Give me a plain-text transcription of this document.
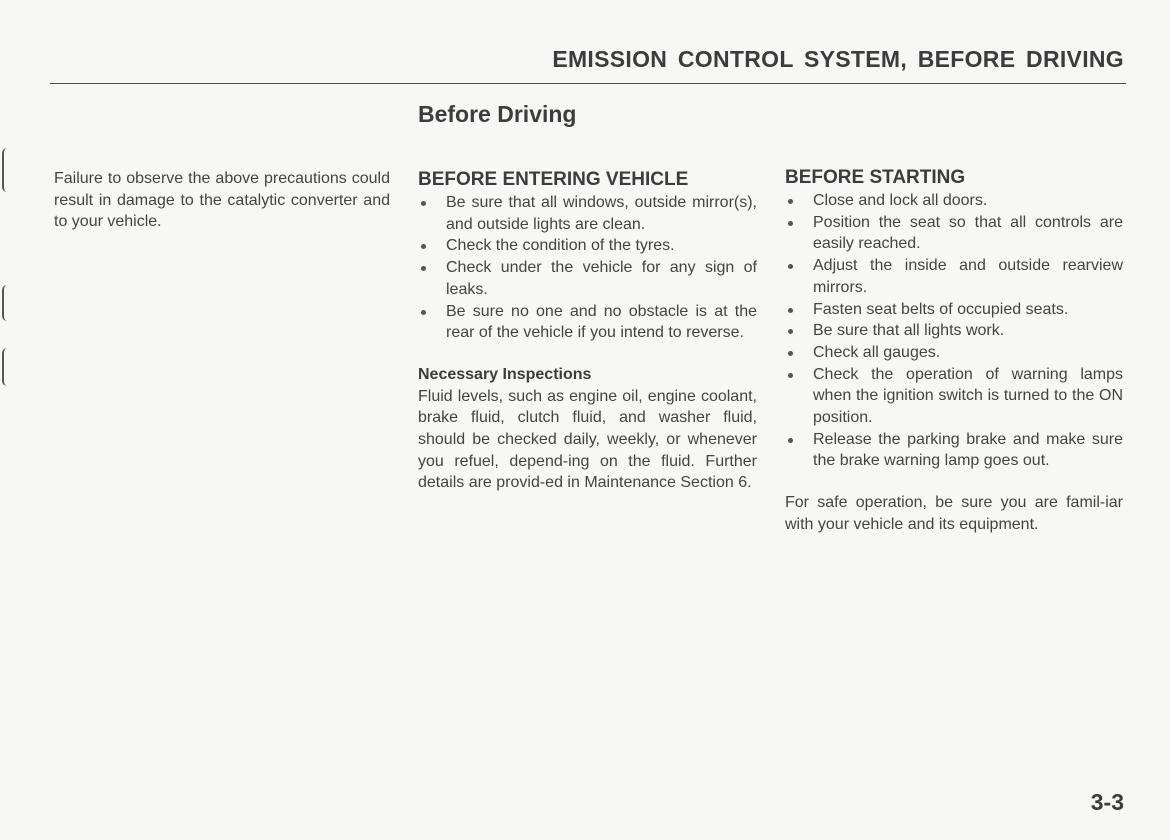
EMISSION CONTROL SYSTEM, BEFORE DRIVING
Before Driving

Failure to observe the above precautions could result in damage to the catalytic converter and to your vehicle.

BEFORE ENTERING VEHICLE

Be sure that all windows, outside mirror(s), and outside lights are clean.
Check the condition of the tyres.
Check under the vehicle for any sign of leaks.
Be sure no one and no obstacle is at the rear of the vehicle if you intend to reverse.

Necessary Inspections

Fluid levels, such as engine oil, engine coolant, brake fluid, clutch fluid, and washer fluid, should be checked daily, weekly, or whenever you refuel, depend-ing on the fluid. Further details are provid-ed in Maintenance Section 6.

BEFORE STARTING

Close and lock all doors.
Position the seat so that all controls are easily reached.
Adjust the inside and outside rearview mirrors.
Fasten seat belts of occupied seats.
Be sure that all lights work.
Check all gauges.
Check the operation of warning lamps when the ignition switch is turned to the ON position.
Release the parking brake and make sure the brake warning lamp goes out.

For safe operation, be sure you are famil-iar with your vehicle and its equipment.

3-3
